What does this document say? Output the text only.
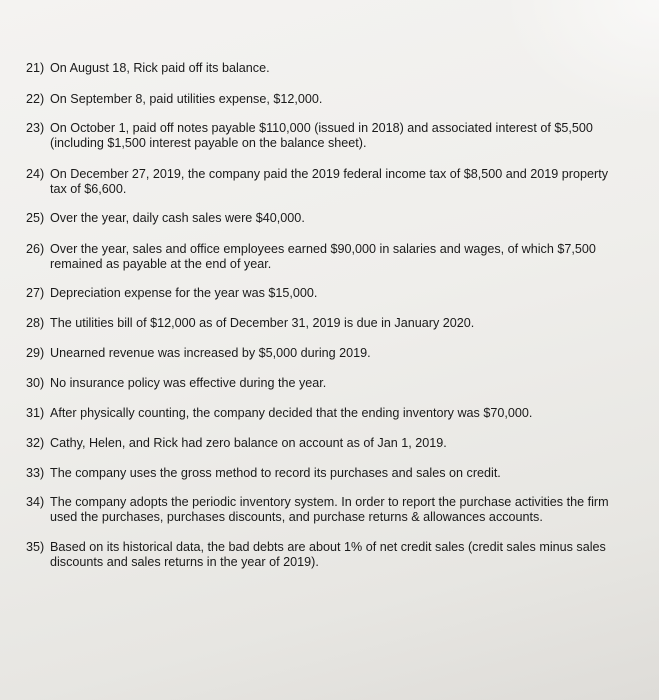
21) On August 18, Rick paid off its balance.
22) On September 8, paid utilities expense, $12,000.
23) On October 1, paid off notes payable $110,000 (issued in 2018) and associated interest of $5,500 (including $1,500 interest payable on the balance sheet).
24) On December 27, 2019, the company paid the 2019 federal income tax of $8,500 and 2019 property tax of $6,600.
25) Over the year, daily cash sales were $40,000.
26) Over the year, sales and office employees earned $90,000 in salaries and wages, of which $7,500 remained as payable at the end of year.
27) Depreciation expense for the year was $15,000.
28) The utilities bill of $12,000 as of December 31, 2019 is due in January 2020.
29) Unearned revenue was increased by $5,000 during 2019.
30) No insurance policy was effective during the year.
31) After physically counting, the company decided that the ending inventory was $70,000.
32) Cathy, Helen, and Rick had zero balance on account as of Jan 1, 2019.
33) The company uses the gross method to record its purchases and sales on credit.
34) The company adopts the periodic inventory system. In order to report the purchase activities the firm used the purchases, purchases discounts, and purchase returns & allowances accounts.
35) Based on its historical data, the bad debts are about 1% of net credit sales (credit sales minus sales discounts and sales returns in the year of 2019).
